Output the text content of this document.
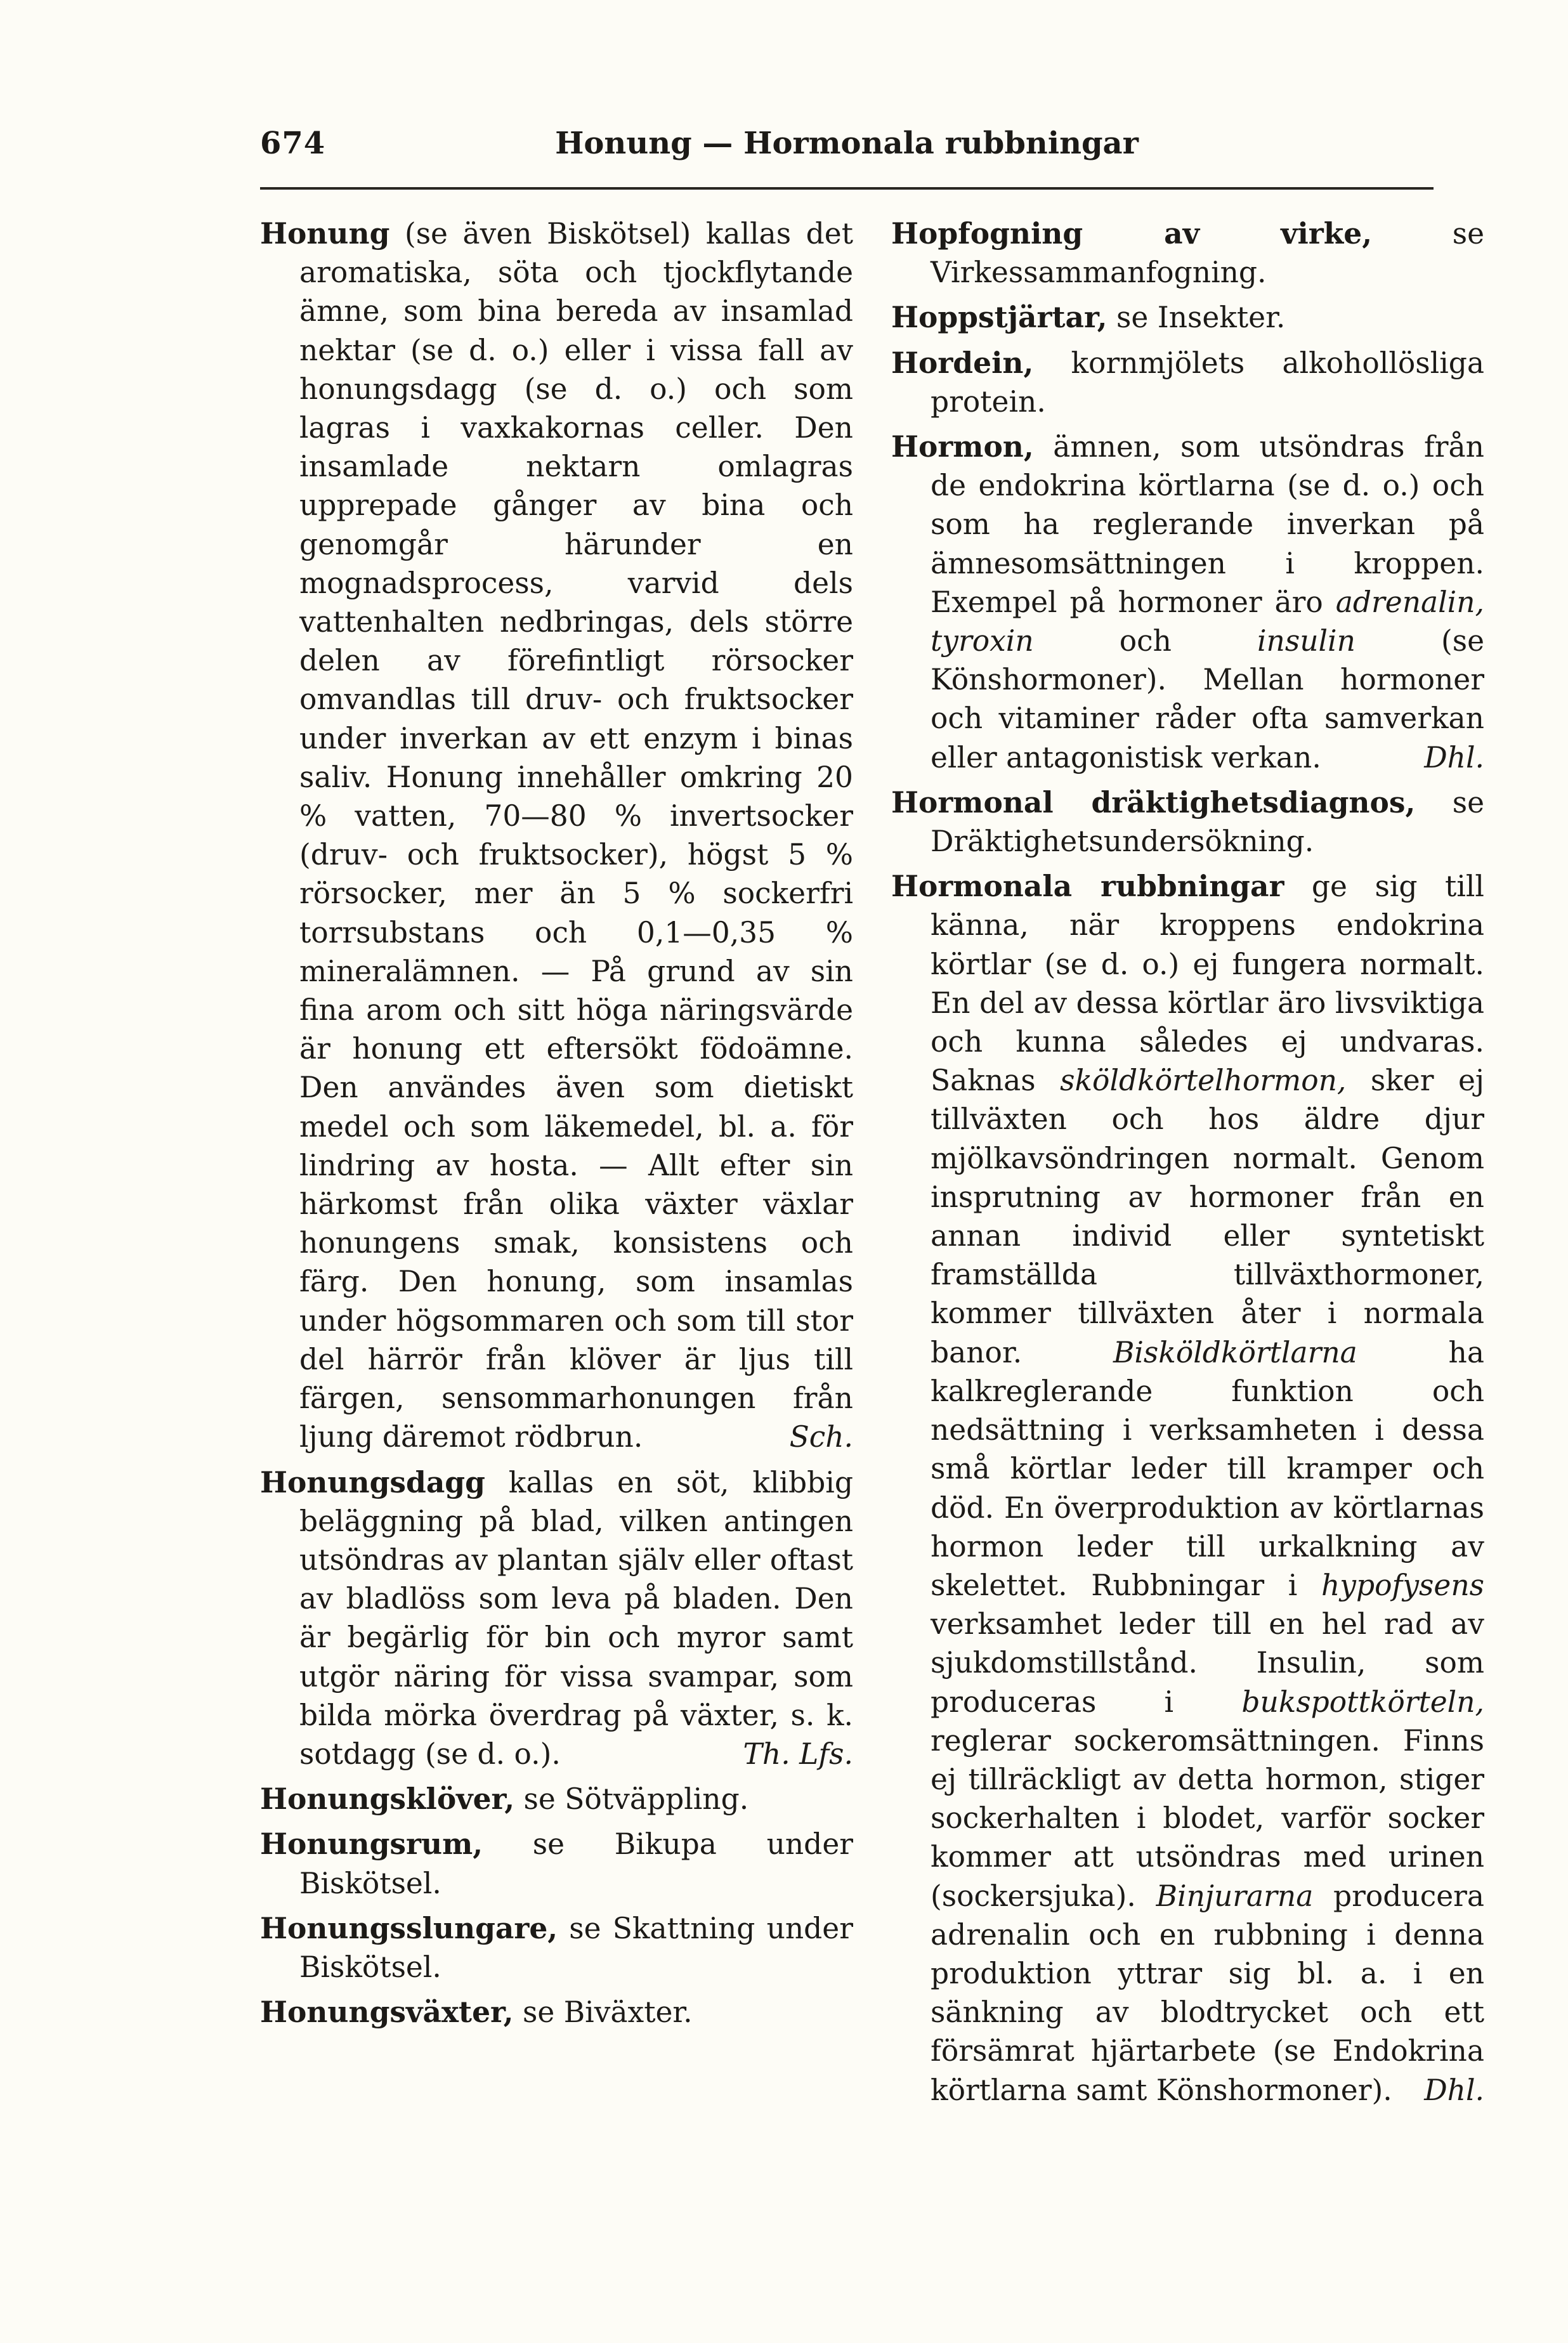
674	Honung — Hormonala rubbningar

Honung (se även Biskötsel) kallas det aromatiska, söta och tjockflytande ämne, som bina bereda av insamlad nektar (se d. o.) eller i vissa fall av honungsdagg (se d. o.) och som lagras i vaxkakornas celler. Den insamlade nektarn omlagras upprepade gånger av bina och genomgår härunder en mognadsprocess, varvid dels vattenhalten nedbringas, dels större delen av förefintligt rörsocker omvandlas till druv- och fruktsocker under inverkan av ett enzym i binas saliv. Honung innehåller omkring 20 % vatten, 70—80 % invertsocker (druv- och fruktsocker), högst 5 % rörsocker, mer än 5 % sockerfri torrsubstans och 0,1—0,35 % mineralämnen. — På grund av sin fina arom och sitt höga näringsvärde är honung ett eftersökt födoämne. Den användes även som dietiskt medel och som läkemedel, bl. a. för lindring av hosta. — Allt efter sin härkomst från olika växter växlar honungens smak, konsistens och färg. Den honung, som insamlas under högsommaren och som till stor del härrör från klöver är ljus till färgen, sensommarhonungen från ljung däremot rödbrun.	Sch.

Honungsdagg kallas en söt, klibbig beläggning på blad, vilken antingen utsöndras av plantan själv eller oftast av bladlöss som leva på bladen. Den är begärlig för bin och myror samt utgör näring för vissa svampar, som bilda mörka överdrag på växter, s. k. sotdagg (se d. o.).	Th. Lfs.

Honungsklöver, se Sötväppling.

Honungsrum, se Bikupa under Biskötsel.

Honungsslungare, se Skattning under Biskötsel.

Honungsväxter, se Biväxter.

Hopfogning av virke, se Virkessammanfogning.

Hoppstjärtar, se Insekter.

Hordein, kornmjölets alkohollösliga protein.

Hormon, ämnen, som utsöndras från de endokrina körtlarna (se d. o.) och som ha reglerande inverkan på ämnesomsättningen i kroppen. Exempel på hormoner äro adrenalin, tyroxin och insulin (se Könshormoner). Mellan hormoner och vitaminer råder ofta samverkan eller antagonistisk verkan.	Dhl.

Hormonal dräktighetsdiagnos, se Dräktighetsundersökning.

Hormonala rubbningar ge sig till känna, när kroppens endokrina körtlar (se d. o.) ej fungera normalt. En del av dessa körtlar äro livsviktiga och kunna således ej undvaras. Saknas sköldkörtelhormon, sker ej tillväxten och hos äldre djur mjölkavsöndringen normalt. Genom insprutning av hormoner från en annan individ eller syntetiskt framställda tillväxthormoner, kommer tillväxten åter i normala banor. Bisköldkörtlarna ha kalkreglerande funktion och nedsättning i verksamheten i dessa små körtlar leder till kramper och död. En överproduktion av körtlarnas hormon leder till urkalkning av skelettet. Rubbningar i hypofysens verksamhet leder till en hel rad av sjukdomstillstånd. Insulin, som produceras i bukspottkörteln, reglerar sockeromsättningen. Finns ej tillräckligt av detta hormon, stiger sockerhalten i blodet, varför socker kommer att utsöndras med urinen (sockersjuka). Binjurarna producera adrenalin och en rubbning i denna produktion yttrar sig bl. a. i en sänkning av blodtrycket och ett försämrat hjärtarbete (se Endokrina körtlarna samt Könshormoner). Dhl.
